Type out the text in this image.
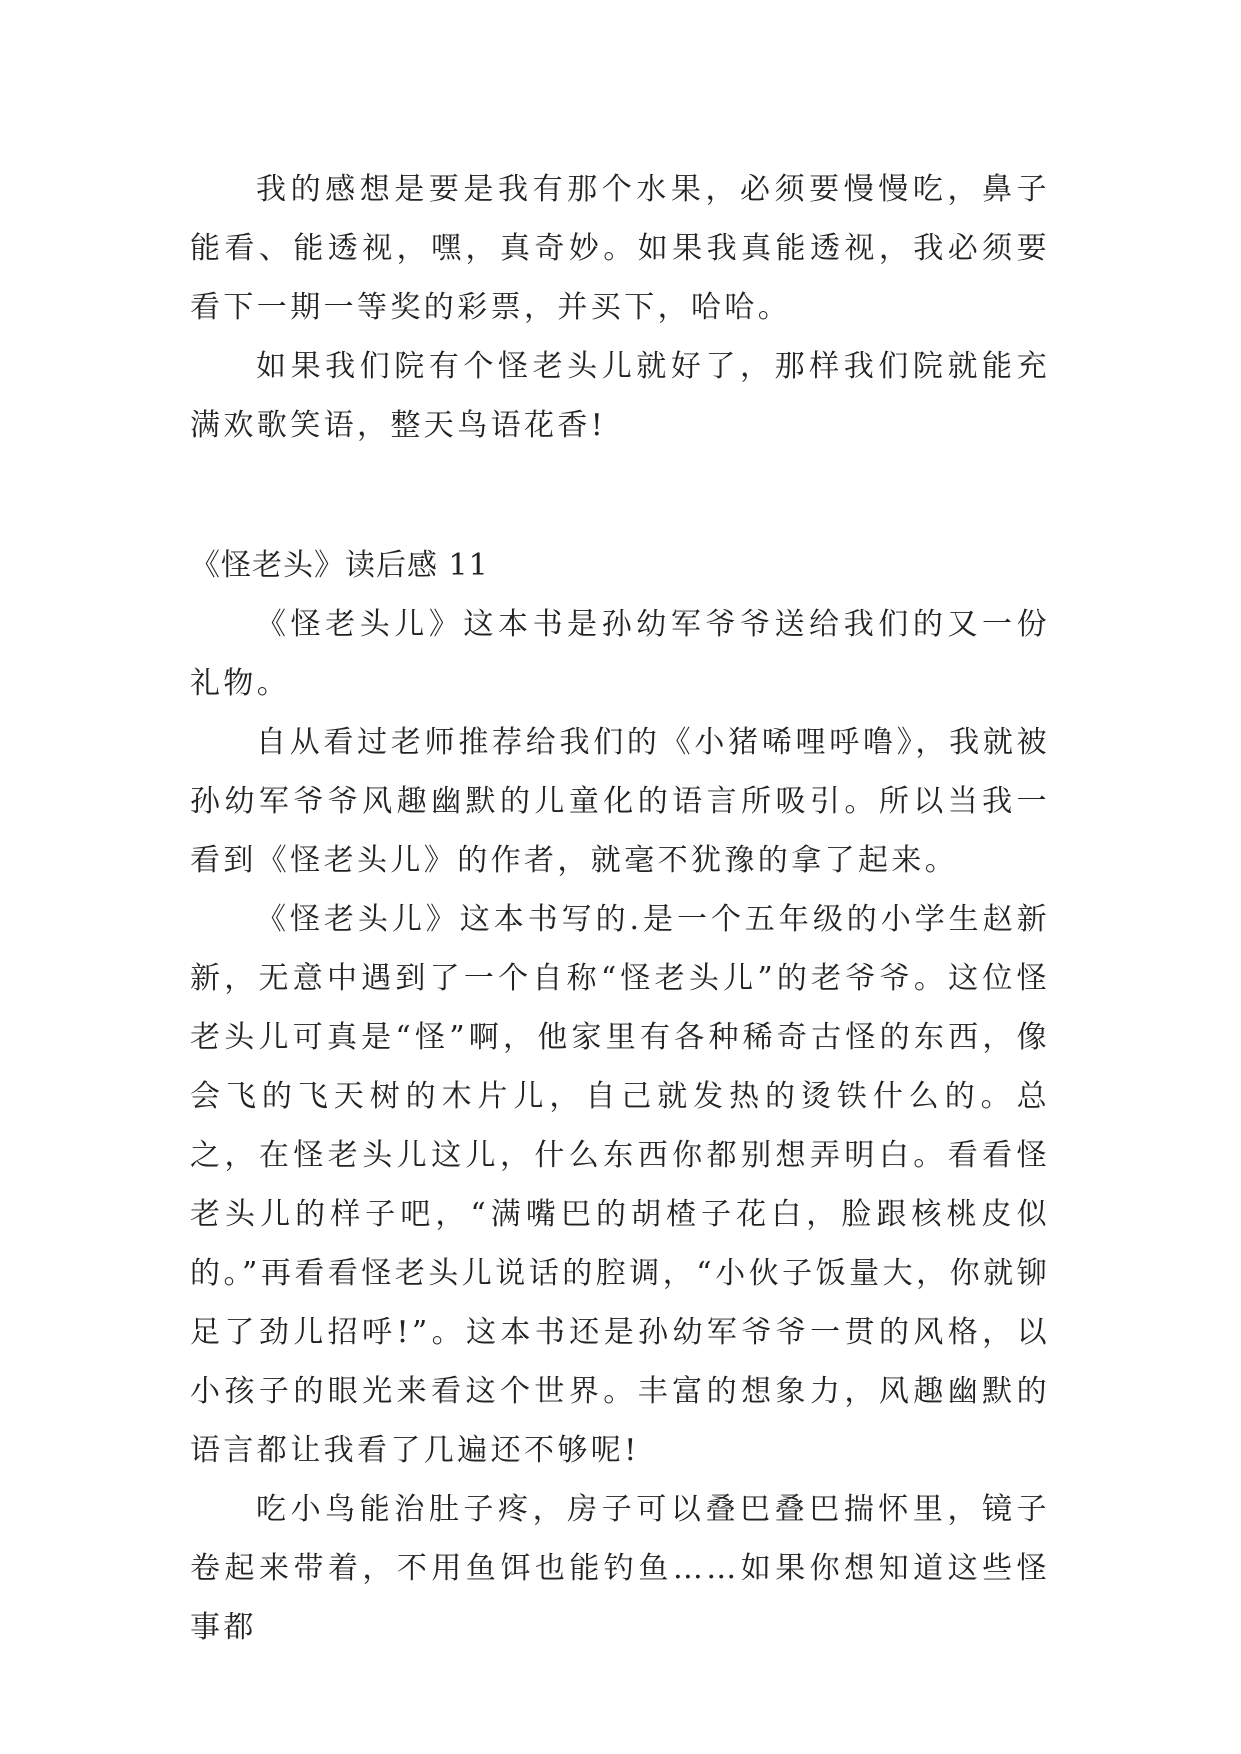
我的感想是要是我有那个水果，必须要慢慢吃，鼻子能看、能透视，嘿，真奇妙。如果我真能透视，我必须要看下一期一等奖的彩票，并买下，哈哈。

如果我们院有个怪老头儿就好了，那样我们院就能充满欢歌笑语，整天鸟语花香!

《怪老头》读后感 11

《怪老头儿》这本书是孙幼军爷爷送给我们的又一份礼物。

自从看过老师推荐给我们的《小猪唏哩呼噜》，我就被孙幼军爷爷风趣幽默的儿童化的语言所吸引。所以当我一看到《怪老头儿》的作者，就毫不犹豫的拿了起来。

《怪老头儿》这本书写的.是一个五年级的小学生赵新新，无意中遇到了一个自称“怪老头儿”的老爷爷。这位怪老头儿可真是“怪”啊，他家里有各种稀奇古怪的东西，像会飞的飞天树的木片儿，自己就发热的烫铁什么的。总之，在怪老头儿这儿，什么东西你都别想弄明白。看看怪老头儿的样子吧，“满嘴巴的胡楂子花白，脸跟核桃皮似的。”再看看怪老头儿说话的腔调，“小伙子饭量大，你就铆足了劲儿招呼!”。这本书还是孙幼军爷爷一贯的风格，以小孩子的眼光来看这个世界。丰富的想象力，风趣幽默的语言都让我看了几遍还不够呢!

吃小鸟能治肚子疼，房子可以叠巴叠巴揣怀里，镜子卷起来带着，不用鱼饵也能钓鱼……如果你想知道这些怪事都
